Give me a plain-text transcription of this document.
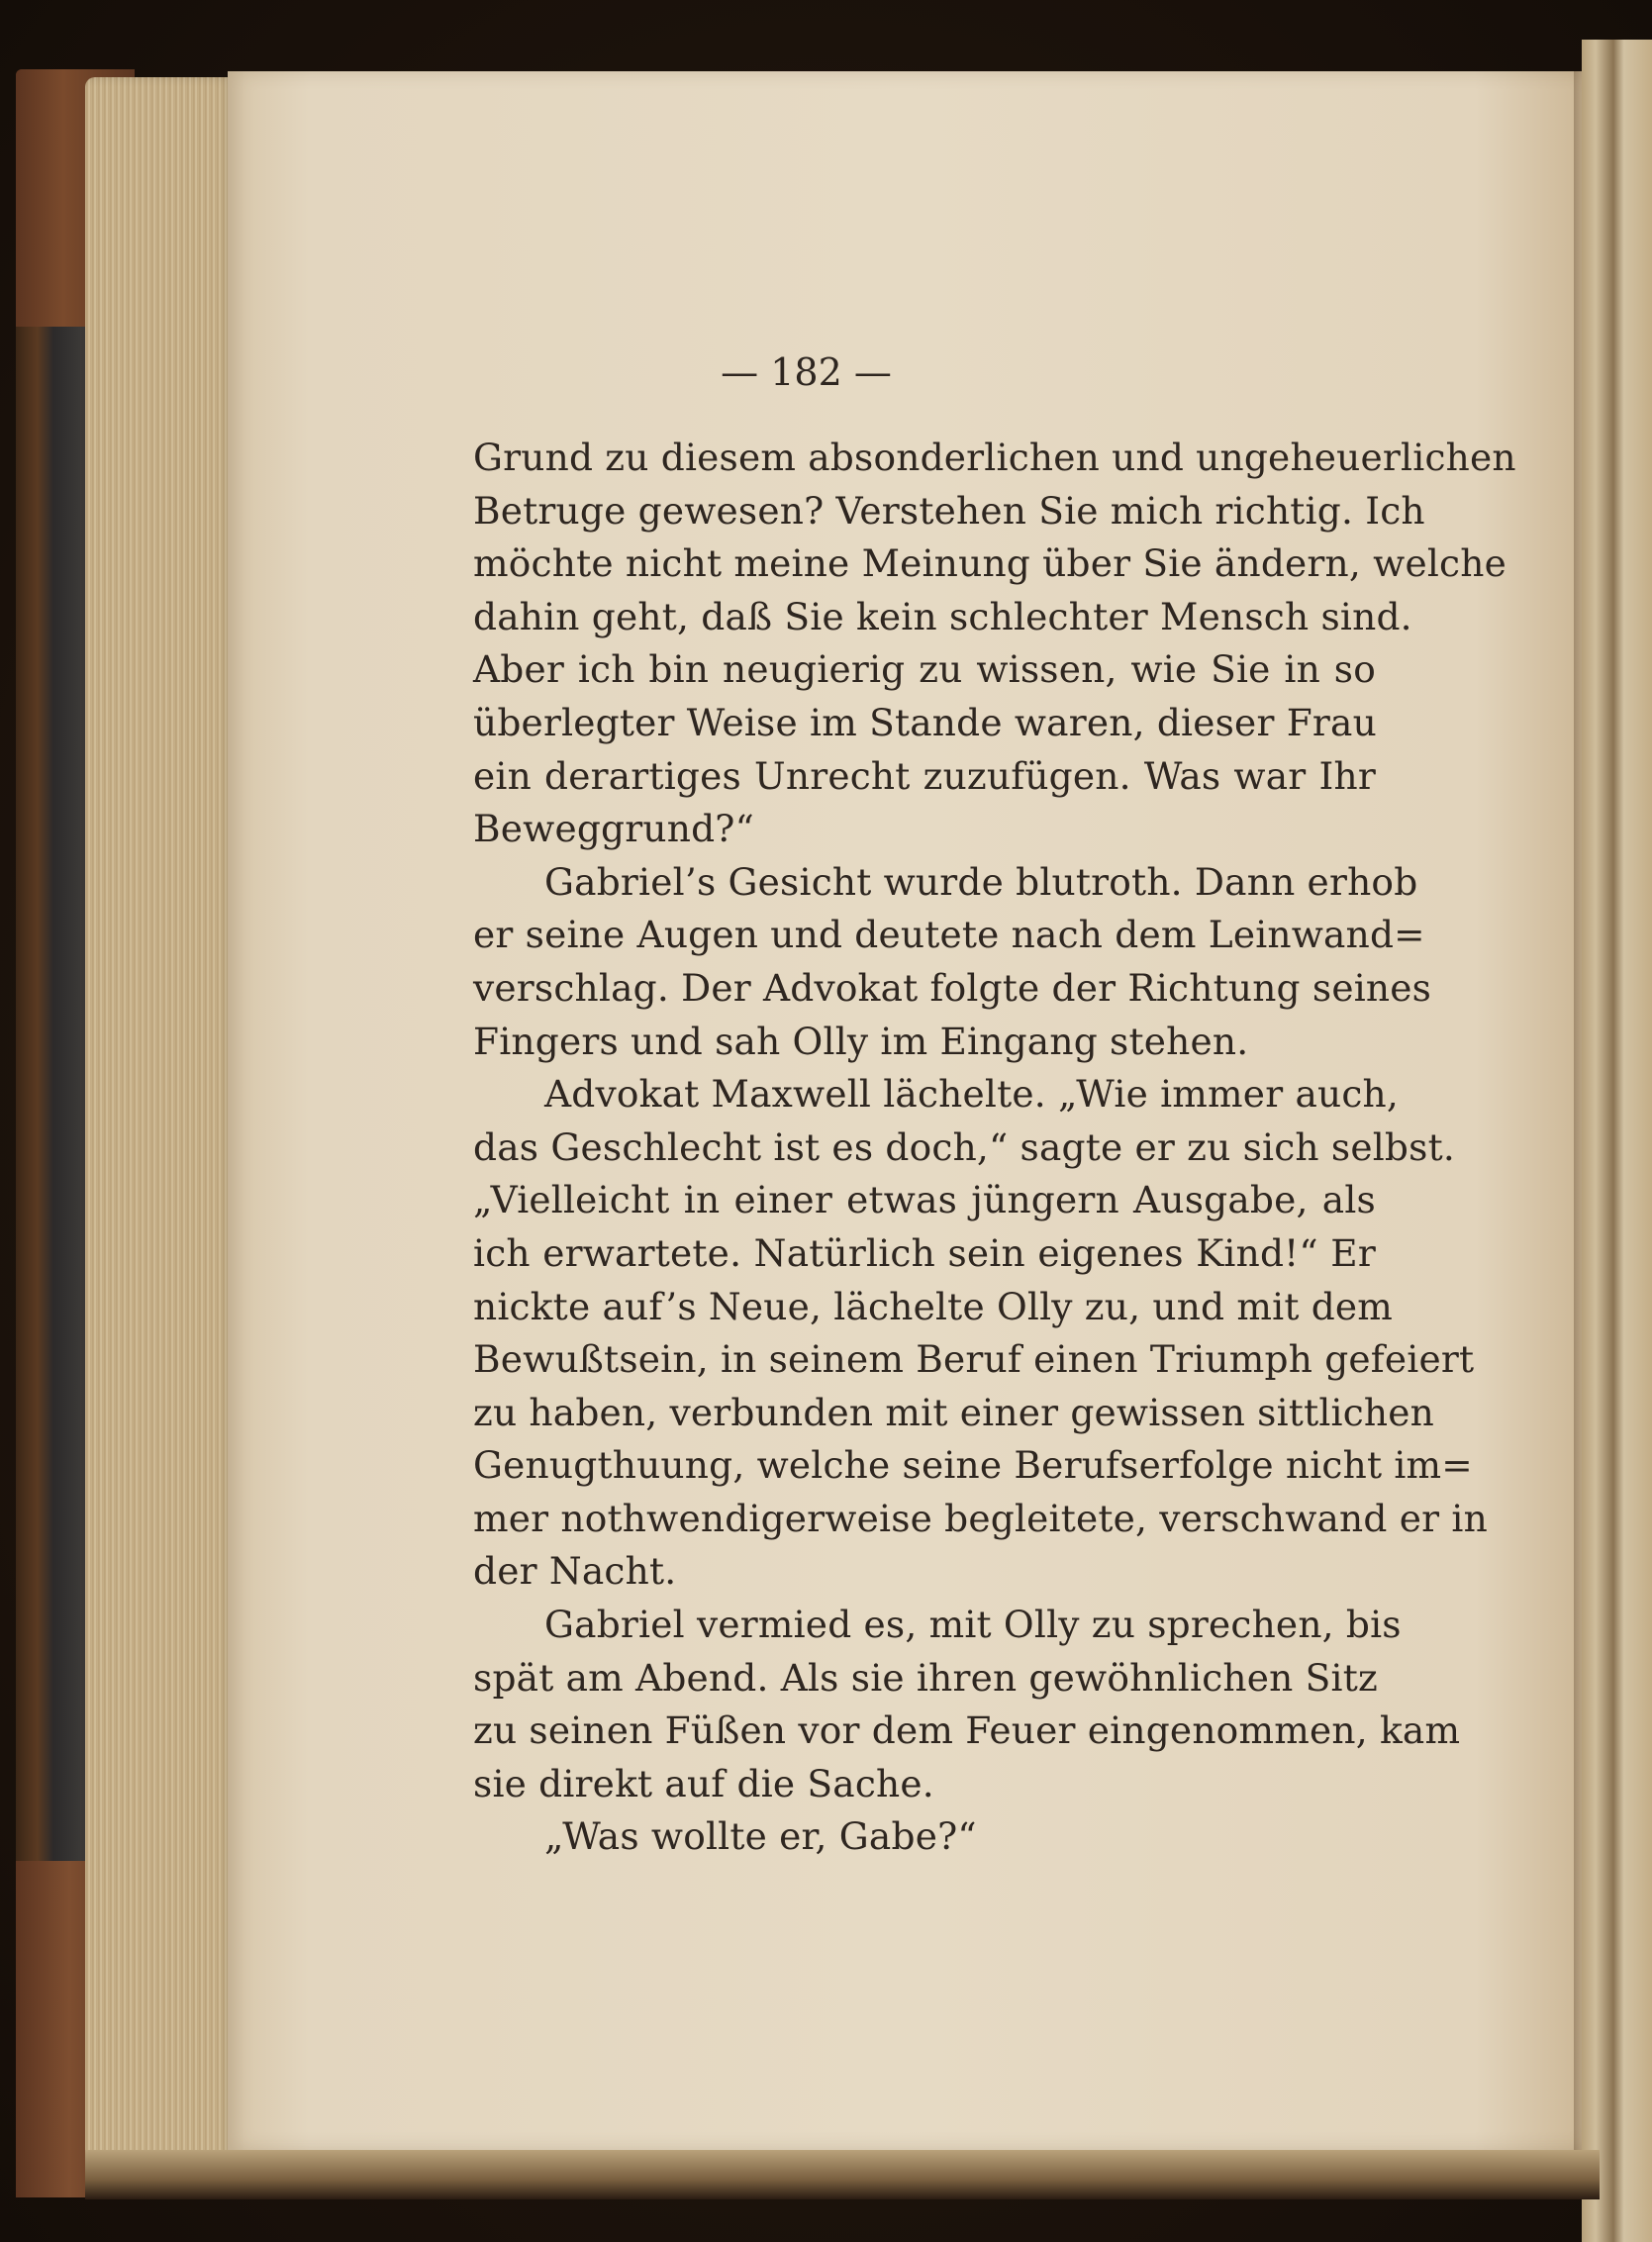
— 182 —
Grund zu diesem absonderlichen und ungeheuerlichen
Betruge gewesen? Verstehen Sie mich richtig. Ich
möchte nicht meine Meinung über Sie ändern, welche
dahin geht, daß Sie kein schlechter Mensch sind.
Aber ich bin neugierig zu wissen, wie Sie in so
überlegter Weise im Stande waren, dieser Frau
ein derartiges Unrecht zuzufügen. Was war Ihr
Beweggrund?“
Gabriel’s Gesicht wurde blutroth. Dann erhob
er seine Augen und deutete nach dem Leinwand=
verschlag. Der Advokat folgte der Richtung seines
Fingers und sah Olly im Eingang stehen.
Advokat Maxwell lächelte. „Wie immer auch,
das Geschlecht ist es doch,“ sagte er zu sich selbst.
„Vielleicht in einer etwas jüngern Ausgabe, als
ich erwartete. Natürlich sein eigenes Kind!“ Er
nickte auf’s Neue, lächelte Olly zu, und mit dem
Bewußtsein, in seinem Beruf einen Triumph gefeiert
zu haben, verbunden mit einer gewissen sittlichen
Genugthuung, welche seine Berufserfolge nicht im=
mer nothwendigerweise begleitete, verschwand er in
der Nacht.
Gabriel vermied es, mit Olly zu sprechen, bis
spät am Abend. Als sie ihren gewöhnlichen Sitz
zu seinen Füßen vor dem Feuer eingenommen, kam
sie direkt auf die Sache.
„Was wollte er, Gabe?“
